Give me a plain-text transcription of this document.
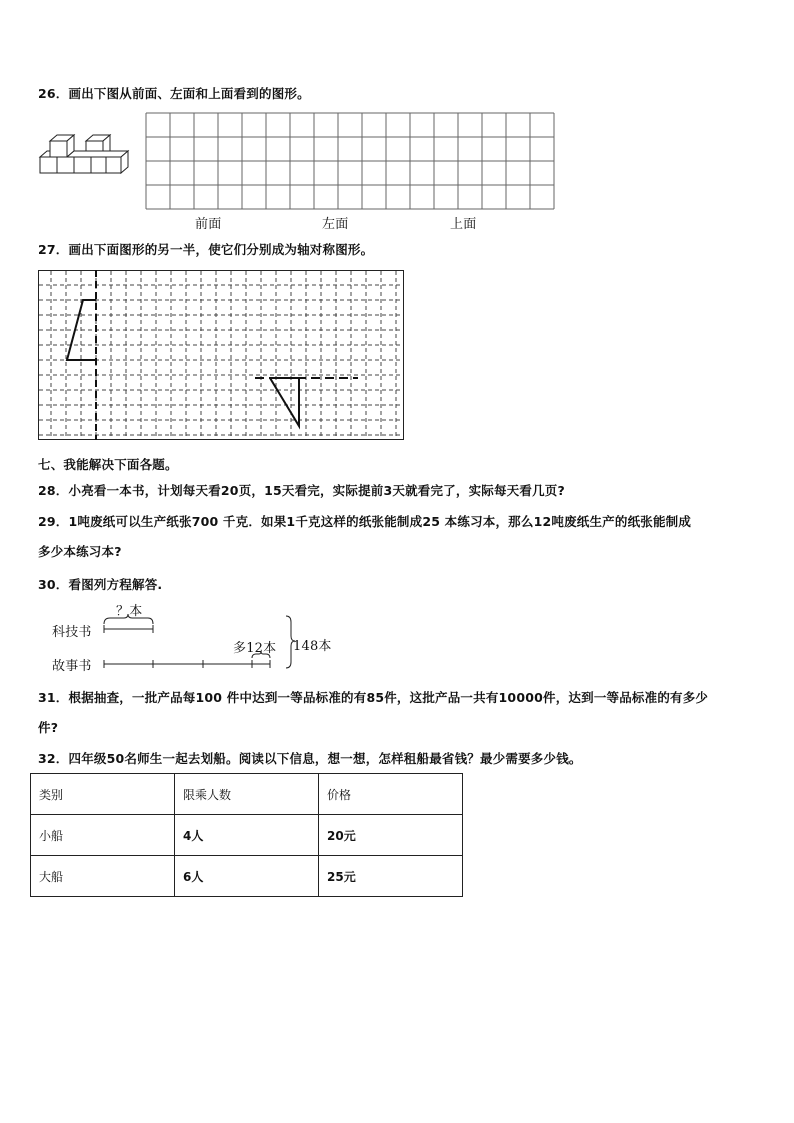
26．画出下图从前面、左面和上面看到的图形。
前面	左面	上面
27．画出下面图形的另一半，使它们分别成为轴对称图形。
七、我能解决下面各题。
28．小亮看一本书，计划每天看20页，15天看完，实际提前3天就看完了，实际每天看几页?
29．1吨废纸可以生产纸张700 千克．如果1千克这样的纸张能制成25 本练习本，那么12吨废纸生产的纸张能制成
多少本练习本?
30．看图列方程解答.
？本
科技书
多12本 148本
故事书
31．根据抽查，一批产品每100 件中达到一等品标准的有85件，这批产品一共有10000件，达到一等品标准的有多少
件?
32．四年级50名师生一起去划船。阅读以下信息，想一想，怎样租船最省钱？最少需要多少钱。
类别	限乘人数	价格
小船	4人	20元
大船	6人	25元
